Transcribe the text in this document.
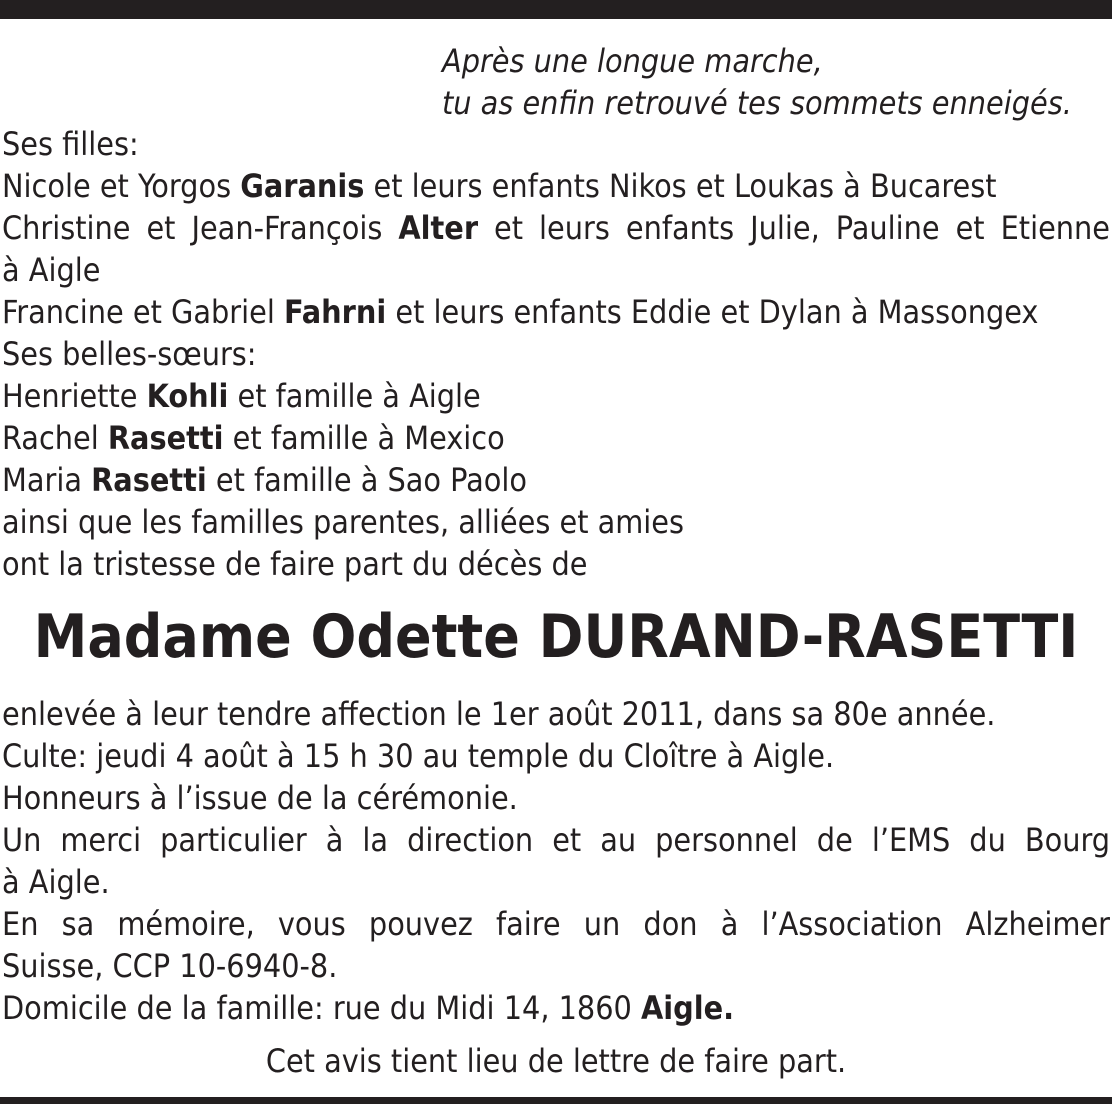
Après une longue marche,
tu as enfin retrouvé tes sommets enneigés.
Ses filles:
Nicole et Yorgos Garanis et leurs enfants Nikos et Loukas à Bucarest
Christine et Jean-François Alter et leurs enfants Julie, Pauline et Etienne
à Aigle
Francine et Gabriel Fahrni et leurs enfants Eddie et Dylan à Massongex
Ses belles-sœurs:
Henriette Kohli et famille à Aigle
Rachel Rasetti et famille à Mexico
Maria Rasetti et famille à Sao Paolo
ainsi que les familles parentes, alliées et amies
ont la tristesse de faire part du décès de
Madame Odette DURAND-RASETTI
enlevée à leur tendre affection le 1er août 2011, dans sa 80e année.
Culte: jeudi 4 août à 15 h 30 au temple du Cloître à Aigle.
Honneurs à l’issue de la cérémonie.
Un merci particulier à la direction et au personnel de l’EMS du Bourg
à Aigle.
En sa mémoire, vous pouvez faire un don à l’Association Alzheimer
Suisse, CCP 10-6940-8.
Domicile de la famille: rue du Midi 14, 1860 Aigle.
Cet avis tient lieu de lettre de faire part.
